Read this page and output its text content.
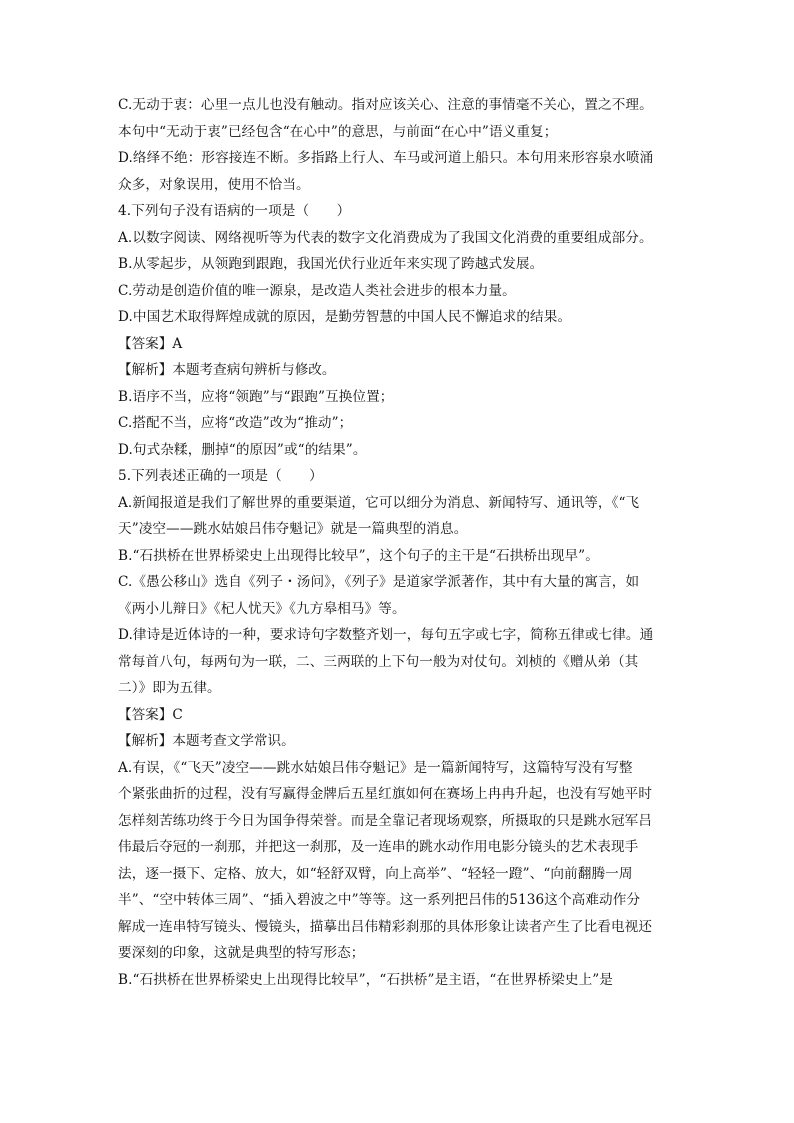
C.无动于衷：心里一点儿也没有触动。指对应该关心、注意的事情毫不关心，置之不理。
本句中“无动于衷”已经包含“在心中”的意思，与前面“在心中”语义重复；
D.络绎不绝：形容接连不断。多指路上行人、车马或河道上船只。本句用来形容泉水喷涌
众多，对象误用，使用不恰当。
4.下列句子没有语病的一项是（　　）
A.以数字阅读、网络视听等为代表的数字文化消费成为了我国文化消费的重要组成部分。
B.从零起步，从领跑到跟跑，我国光伏行业近年来实现了跨越式发展。
C.劳动是创造价值的唯一源泉，是改造人类社会进步的根本力量。
D.中国艺术取得辉煌成就的原因，是勤劳智慧的中国人民不懈追求的结果。
【答案】A
【解析】本题考查病句辨析与修改。
B.语序不当，应将“领跑”与“跟跑”互换位置；
C.搭配不当，应将“改造”改为“推动”；
D.句式杂糅，删掉“的原因”或“的结果”。
5.下列表述正确的一项是（　　）
A.新闻报道是我们了解世界的重要渠道，它可以细分为消息、新闻特写、通讯等，《“飞
天”凌空——跳水姑娘吕伟夺魁记》就是一篇典型的消息。
B.“石拱桥在世界桥梁史上出现得比较早”，这个句子的主干是“石拱桥出现早”。
C.《愚公移山》选自《列子・汤问》，《列子》是道家学派著作，其中有大量的寓言，如
《两小儿辩日》《杞人忧天》《九方皋相马》等。
D.律诗是近体诗的一种，要求诗句字数整齐划一，每句五字或七字，简称五律或七律。通
常每首八句，每两句为一联，二、三两联的上下句一般为对仗句。刘桢的《赠从弟（其
二）》即为五律。
【答案】C
【解析】本题考查文学常识。
A.有误，《“飞天”凌空——跳水姑娘吕伟夺魁记》是一篇新闻特写，这篇特写没有写整
个紧张曲折的过程，没有写赢得金牌后五星红旗如何在赛场上冉冉升起，也没有写她平时
怎样刻苦练功终于今日为国争得荣誉。而是全靠记者现场观察，所摄取的只是跳水冠军吕
伟最后夺冠的一刹那，并把这一刹那，及一连串的跳水动作用电影分镜头的艺术表现手
法，逐一摄下、定格、放大，如“轻舒双臂，向上高举”、“轻轻一蹬”、“向前翻腾一周
半”、“空中转体三周”、“插入碧波之中”等等。这一系列把吕伟的5136这个高难动作分
解成一连串特写镜头、慢镜头，描摹出吕伟精彩刹那的具体形象让读者产生了比看电视还
要深刻的印象，这就是典型的特写形态；
B.“石拱桥在世界桥梁史上出现得比较早”，“石拱桥”是主语，“在世界桥梁史上”是
